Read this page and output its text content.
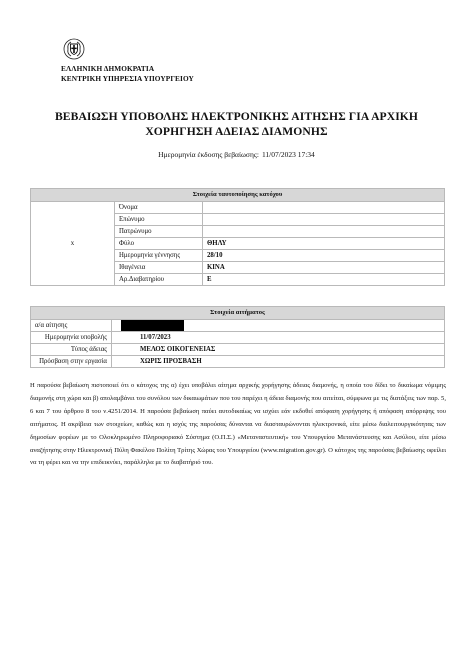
ΕΛΛΗΝΙΚΗ ΔΗΜΟΚΡΑΤΙΑ
ΚΕΝΤΡΙΚΗ ΥΠΗΡΕΣΙΑ ΥΠΟΥΡΓΕΙΟΥ
ΒΕΒΑΙΩΣΗ ΥΠΟΒΟΛΗΣ ΗΛΕΚΤΡΟΝΙΚΗΣ ΑΙΤΗΣΗΣ ΓΙΑ ΑΡΧΙΚΗ
ΧΟΡΗΓΗΣΗ ΑΔΕΙΑΣ ΔΙΑΜΟΝΗΣ
Ημερομηνία έκδοσης βεβαίωσης: 11/07/2023 17:34
Στοιχεία ταυτοποίησης κατόχου		
x	Όνομα	
	Επώνυμο	
	Πατρώνυμο	
	Φύλο	ΘΗΛΥ
	Ημερομηνία γέννησης	28/10
	Ιθαγένεια	ΚΙΝΑ
	Αρ.Διαβατηρίου	E
Στοιχεία αιτήματος	
α/α αίτησης	
Ημερομηνία υποβολής	11/07/2023
Τύπος άδειας	ΜΕΛΟΣ ΟΙΚΟΓΕΝΕΙΑΣ
Πρόσβαση στην εργασία	ΧΩΡΙΣ ΠΡΟΣΒΑΣΗ

Η παρούσα βεβαίωση πιστοποιεί ότι ο κάτοχος της α) έχει υποβάλει αίτημα αρχικής χορήγησης άδειας διαμονής, η οποία του δίδει το δικαίωμα νόμιμης διαμονής στη χώρα και β) απολαμβάνει του συνόλου των δικαιωμάτων που του παρέχει η άδεια διαμονής που αιτείται, σύμφωνα με τις διατάξεις των παρ. 5, 6 και 7 του άρθρου 8 του ν.4251/2014. Η παρούσα βεβαίωση παύει αυτοδικαίως να ισχύει εάν εκδοθεί απόφαση χορήγησης ή απόφαση απόρριψης του αιτήματος. Η ακρίβεια των στοιχείων, καθώς και η ισχύς της παρούσας δύνανται να διασταυρώνονται ηλεκτρονικά, είτε μέσω διαλειτουργικότητας των δημοσίων φορέων με το Ολοκληρωμένο Πληροφοριακό Σύστημα (Ο.Π.Σ.) «Μεταναστευτική» του Υπουργείου Μετανάστευσης και Ασύλου, είτε μέσω αναζήτησης στην Ηλεκτρονική Πύλη Φακέλου Πολίτη Τρίτης Χώρας του Υπουργείου (www.migration.gov.gr). Ο κάτοχος της παρούσας βεβαίωσης οφείλει να τη φέρει και να την επιδεικνύει, παράλληλα με το διαβατήριό του.
